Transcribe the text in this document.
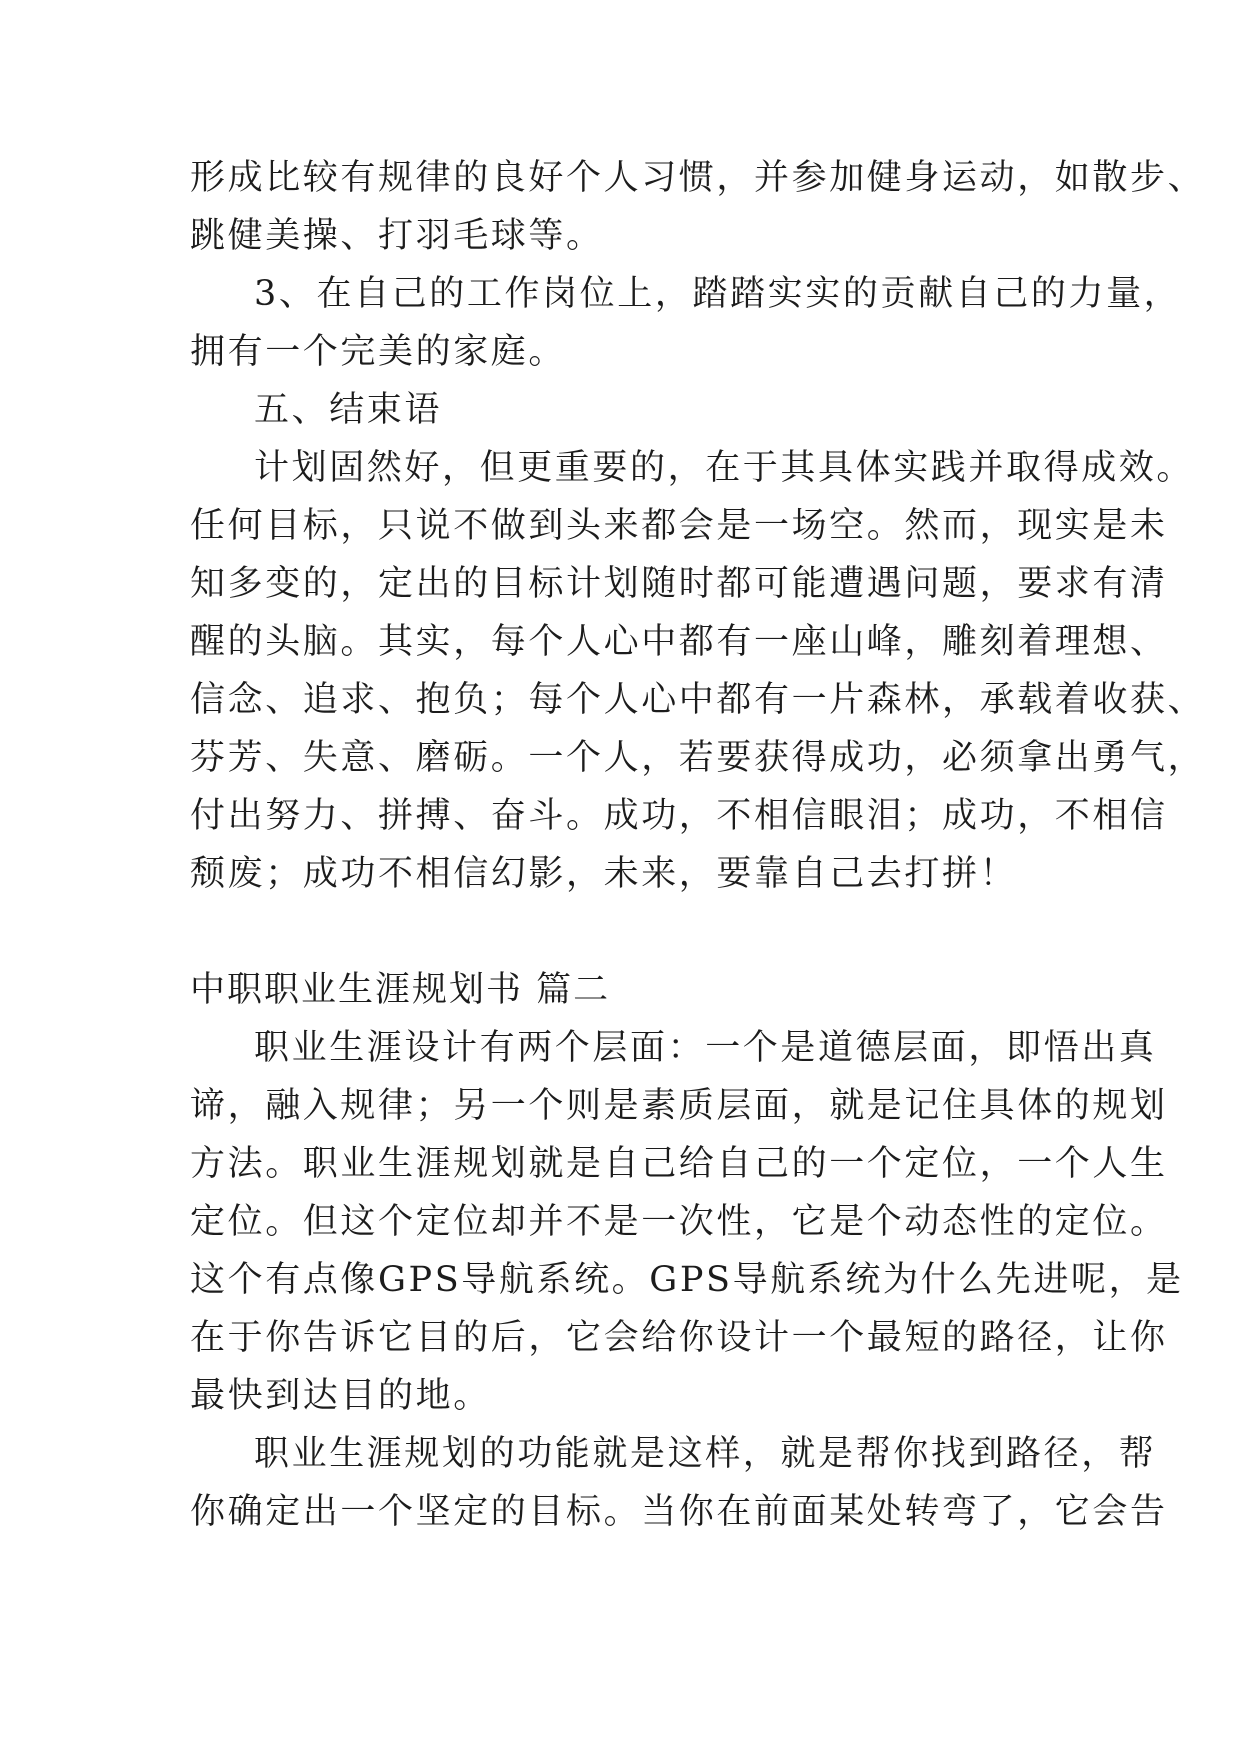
形成比较有规律的良好个人习惯，并参加健身运动，如散步、
跳健美操、打羽毛球等。
3、在自己的工作岗位上，踏踏实实的贡献自己的力量，
拥有一个完美的家庭。
五、结束语
计划固然好，但更重要的，在于其具体实践并取得成效。
任何目标，只说不做到头来都会是一场空。然而，现实是未
知多变的，定出的目标计划随时都可能遭遇问题，要求有清
醒的头脑。其实，每个人心中都有一座山峰，雕刻着理想、
信念、追求、抱负；每个人心中都有一片森林，承载着收获、
芬芳、失意、磨砺。一个人，若要获得成功，必须拿出勇气，
付出努力、拼搏、奋斗。成功，不相信眼泪；成功，不相信
颓废；成功不相信幻影，未来，要靠自己去打拼！
中职职业生涯规划书 篇二
职业生涯设计有两个层面：一个是道德层面，即悟出真
谛，融入规律；另一个则是素质层面，就是记住具体的规划
方法。职业生涯规划就是自己给自己的一个定位，一个人生
定位。但这个定位却并不是一次性，它是个动态性的定位。
这个有点像GPS导航系统。GPS导航系统为什么先进呢，是
在于你告诉它目的后，它会给你设计一个最短的路径，让你
最快到达目的地。
职业生涯规划的功能就是这样，就是帮你找到路径，帮
你确定出一个坚定的目标。当你在前面某处转弯了，它会告
